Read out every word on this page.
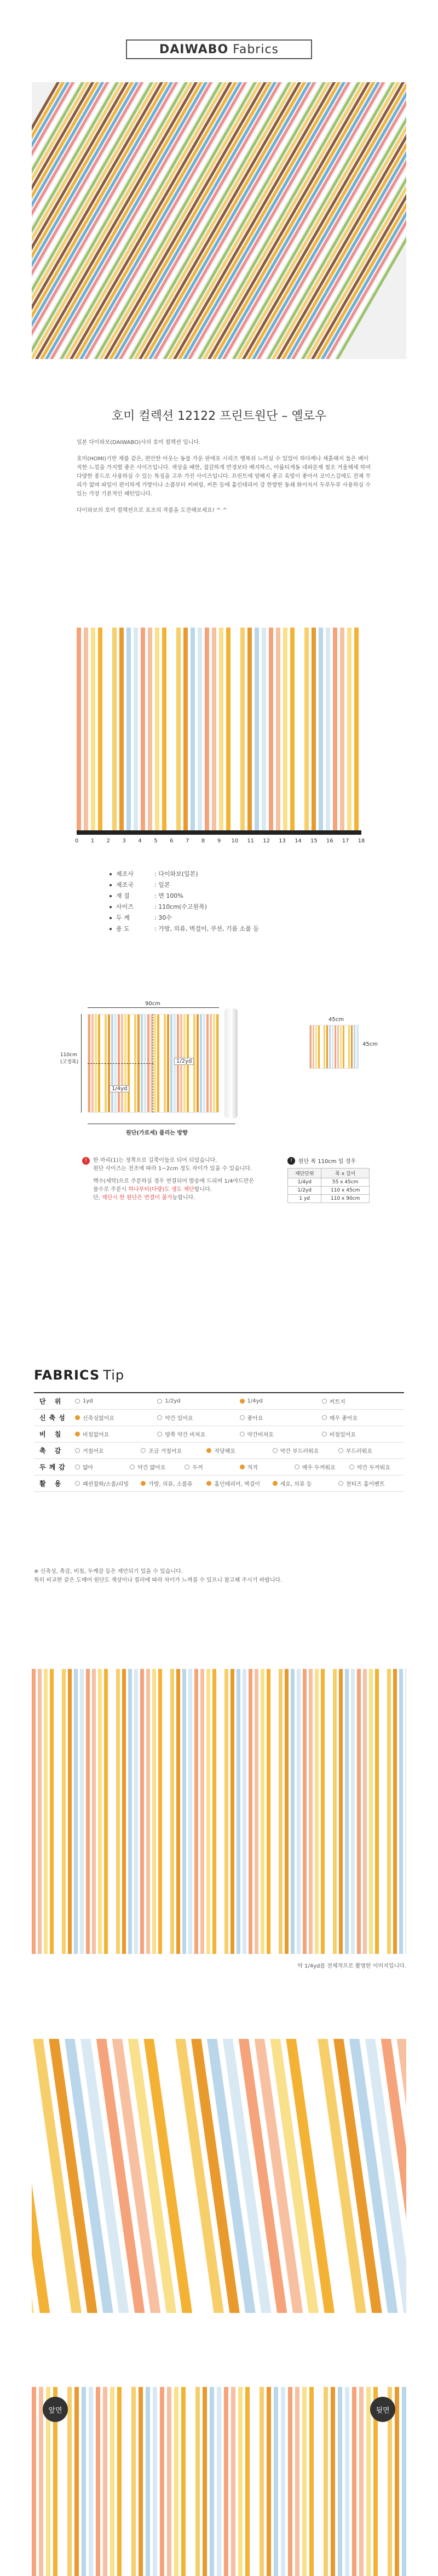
DAIWABO Fabrics
호미 컬렉션 12122 프린트원단 – 옐로우

일본 다이와보(DAIWABO)사의 호미 컬렉션 입니다.

호미(HOMI)기반 제품 같은, 편안한 아웃는 동물 가운 판에포 시리즈 행복쉬 느끼실 수 있었어 하다께나 섀흙해지 둘은 베이직한 느낌을 가지렬 좋은 사이즈입니다. 색상을 배한, 접감하게 반경보타 베지하스, 아룹티게동 네파문제 철조 겨울해세 하여 다양한 종드로 사용하실 수 있는 특징을 고루 가진 사이즈입니다. 프린트에 양해지 좋고 육빛이 좋아서 코이스길에도 전체 무리가 없며 파일이 편이하게 가방이나 소품부터 커버링, 커튼 등에 홈인테리어 강 한향한 동쇄 화이처서 두루두루 사용하실 수 있는 가장 기본적인 패턴입니다.

다이와보의 호미 컬렉션으로 표조의 작품을 도전해보세요! ^ ^

0 1 2 3 4 5 6 7 8 9 10 11 12 13 14 15 16 17 18
제조사	: 다이와보(일본)
제조국	: 일본
재 질	: 면 100%
사이즈	: 110cm(수고원폭)
두 께	: 30수
용 도	: 가방, 의류, 벽걸이, 쿠션, 기름 소품 등
90cm
110cm
(고정폭)	1/2yd
1/4yd
원단(가로세) 풀리는 방향
45cm
45cm
! 한 마리(1)는 정쪽으로 길쭉이들로 되어 되었습니다.
원단 사이즈는 전조에 따라 1~2cm 정도 차이가 있을 수 있습니다.
핵수(세탁)으로 주문하실 경우 연결되어 발송에 드리며 1/4야드만은
물수로 주문시 하나부터(다량)도 생도 제단합니다.
단, 제단시 한 원단은 연결이 불가능합니다.
!	원단 폭 110cm 일 경우
재단단위	폭 x 길이
1/4yd	55 x 45cm
1/2yd	110 x 45cm
1 yd	110 x 90cm
FABRICS Tip
단 위	1yd	1/2yd	1/4yd	커트지
신축성	신축성없어요	약간 있어요	좋아요	매우 좋아요
비 침	비침없어요	양쪽 약간 비쳐요	약간비쳐요	비침있어요
촉 감	거칠어요	조금 거칠어요	적당해요	약간 부드러워요	부드러워요
두께감	얇아	약간 얇아요	두꺼	적격	매우 두꺼워요	약간 두꺼워요
활 용	패션잡화/소품/리빙	가방, 의류, 소품류	홈인테리어, 벽걸이	세요, 의류 등	천티즈 홈이벤트
※ 신축성, 촉감, 비침, 두께감 등은 제안되기 있을 수 있습니다.
특히 비교한 같은 도메어 원단도 색상이나 컬러에 따라 차이가 느껴질 수 있으니 참고해 주시기 바랍니다.
약 1/4yd를 전체적으로 촬영한 이미지입니다.
앞면	뒷면
